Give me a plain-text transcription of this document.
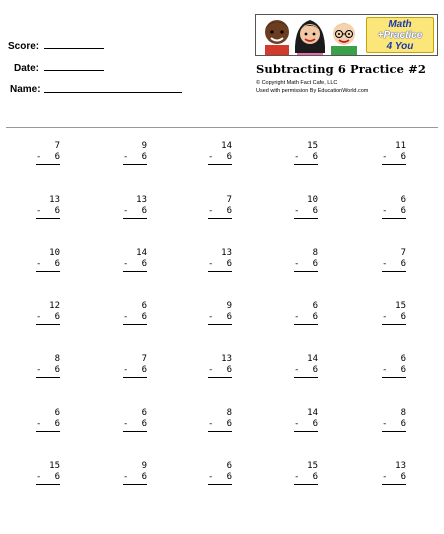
Score:
Date:
Name:
Math
+Practice
4 You
Subtracting 6 Practice #2
© Copyright Math Fact Cafe, LLC
Used with permission By EducationWorld.com
7
-	6
9
-	6
14
-	6
15
-	6
11
-	6
13
-	6
13
-	6
7
-	6
10
-	6
6
-	6
10
-	6
14
-	6
13
-	6
8
-	6
7
-	6
12
-	6
6
-	6
9
-	6
6
-	6
15
-	6
8
-	6
7
-	6
13
-	6
14
-	6
6
-	6
6
-	6
6
-	6
8
-	6
14
-	6
8
-	6
15
-	6
9
-	6
6
-	6
15
-	6
13
-	6
